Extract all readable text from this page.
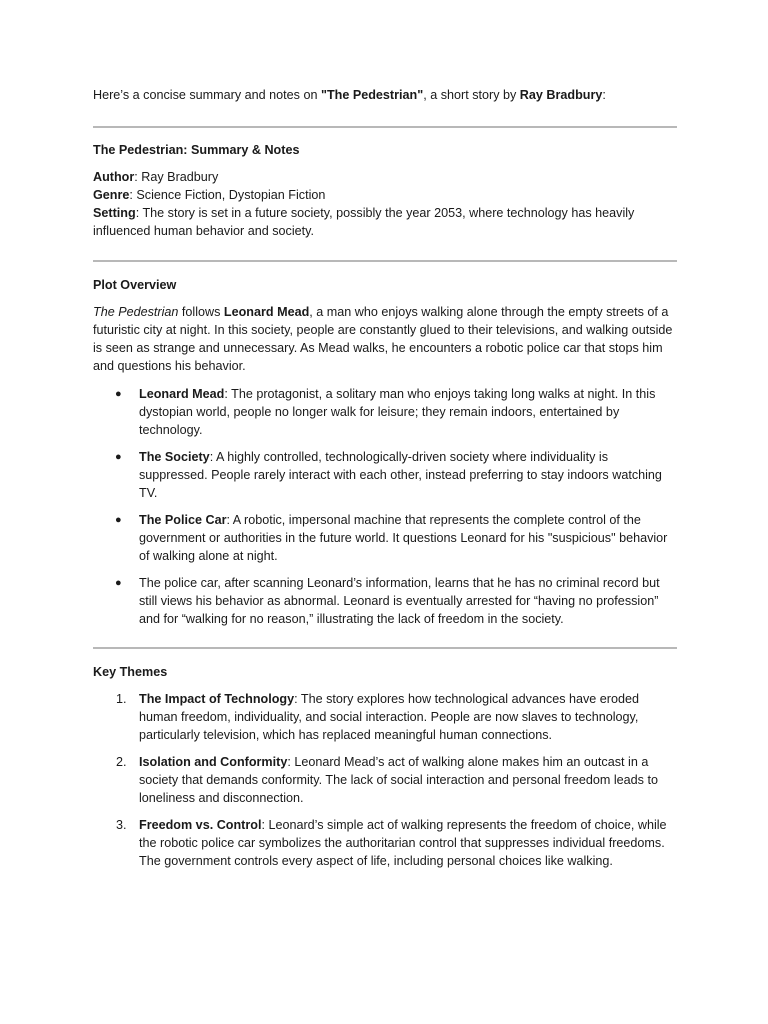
Here’s a concise summary and notes on "The Pedestrian", a short story by Ray Bradbury:

The Pedestrian: Summary & Notes

Author: Ray Bradbury

Genre: Science Fiction, Dystopian Fiction

Setting: The story is set in a future society, possibly the year 2053, where technology has heavily influenced human behavior and society.

Plot Overview

The Pedestrian follows Leonard Mead, a man who enjoys walking alone through the empty streets of a futuristic city at night. In this society, people are constantly glued to their televisions, and walking outside is seen as strange and unnecessary. As Mead walks, he encounters a robotic police car that stops him and questions his behavior.

● Leonard Mead: The protagonist, a solitary man who enjoys taking long walks at night. In this dystopian world, people no longer walk for leisure; they remain indoors, entertained by technology.
● The Society: A highly controlled, technologically-driven society where individuality is suppressed. People rarely interact with each other, instead preferring to stay indoors watching TV.
● The Police Car: A robotic, impersonal machine that represents the complete control of the government or authorities in the future world. It questions Leonard for his "suspicious" behavior of walking alone at night.
● The police car, after scanning Leonard’s information, learns that he has no criminal record but still views his behavior as abnormal. Leonard is eventually arrested for “having no profession” and for “walking for no reason,” illustrating the lack of freedom in the society.

Key Themes

1. The Impact of Technology: The story explores how technological advances have eroded human freedom, individuality, and social interaction. People are now slaves to technology, particularly television, which has replaced meaningful human connections.
2. Isolation and Conformity: Leonard Mead’s act of walking alone makes him an outcast in a society that demands conformity. The lack of social interaction and personal freedom leads to loneliness and disconnection.
3. Freedom vs. Control: Leonard’s simple act of walking represents the freedom of choice, while the robotic police car symbolizes the authoritarian control that suppresses individual freedoms. The government controls every aspect of life, including personal choices like walking.
